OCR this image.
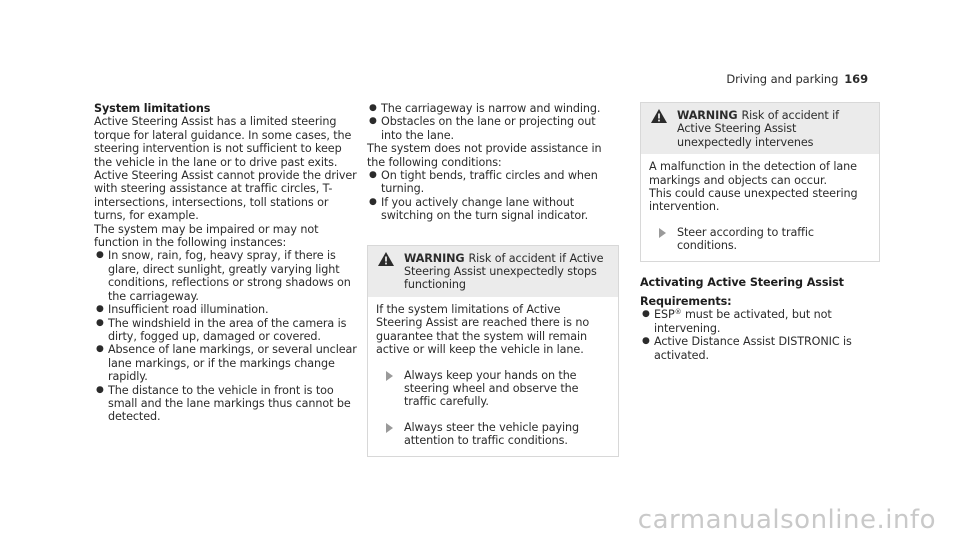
Driving and parking 169

System limitations

Active Steering Assist has a limited steering torque for lateral guidance. In some cases, the steering intervention is not sufficient to keep the vehicle in the lane or to drive past exits. Active Steering Assist cannot provide the driver with steering assistance at traffic circles, T-intersections, intersections, toll stations or turns, for example.

The system may be impaired or may not function in the following instances:

● In snow, rain, fog, heavy spray, if there is glare, direct sunlight, greatly varying light conditions, reflections or strong shadows on the carriageway.
● Insufficient road illumination.
● The windshield in the area of the camera is dirty, fogged up, damaged or covered.
● Absence of lane markings, or several unclear lane markings, or if the markings change rapidly.
● The distance to the vehicle in front is too small and the lane markings thus cannot be detected.
● The carriageway is narrow and winding.
● Obstacles on the lane or projecting out into the lane.

The system does not provide assistance in the following conditions:

● On tight bends, traffic circles and when turning.
● If you actively change lane without switching on the turn signal indicator.
WARNING Risk of accident if Active Steering Assist unexpectedly stops functioning

If the system limitations of Active Steering Assist are reached there is no guarantee that the system will remain active or will keep the vehicle in lane.

Always keep your hands on the steering wheel and observe the traffic carefully.
Always steer the vehicle paying attention to traffic conditions.
WARNING Risk of accident if Active Steering Assist unexpectedly intervenes

A malfunction in the detection of lane markings and objects can occur.

This could cause unexpected steering intervention.

Steer according to traffic conditions.

Activating Active Steering Assist

Requirements:

● ESP® must be activated, but not intervening.
● Active Distance Assist DISTRONIC is activated.
carmanualsonline.info
